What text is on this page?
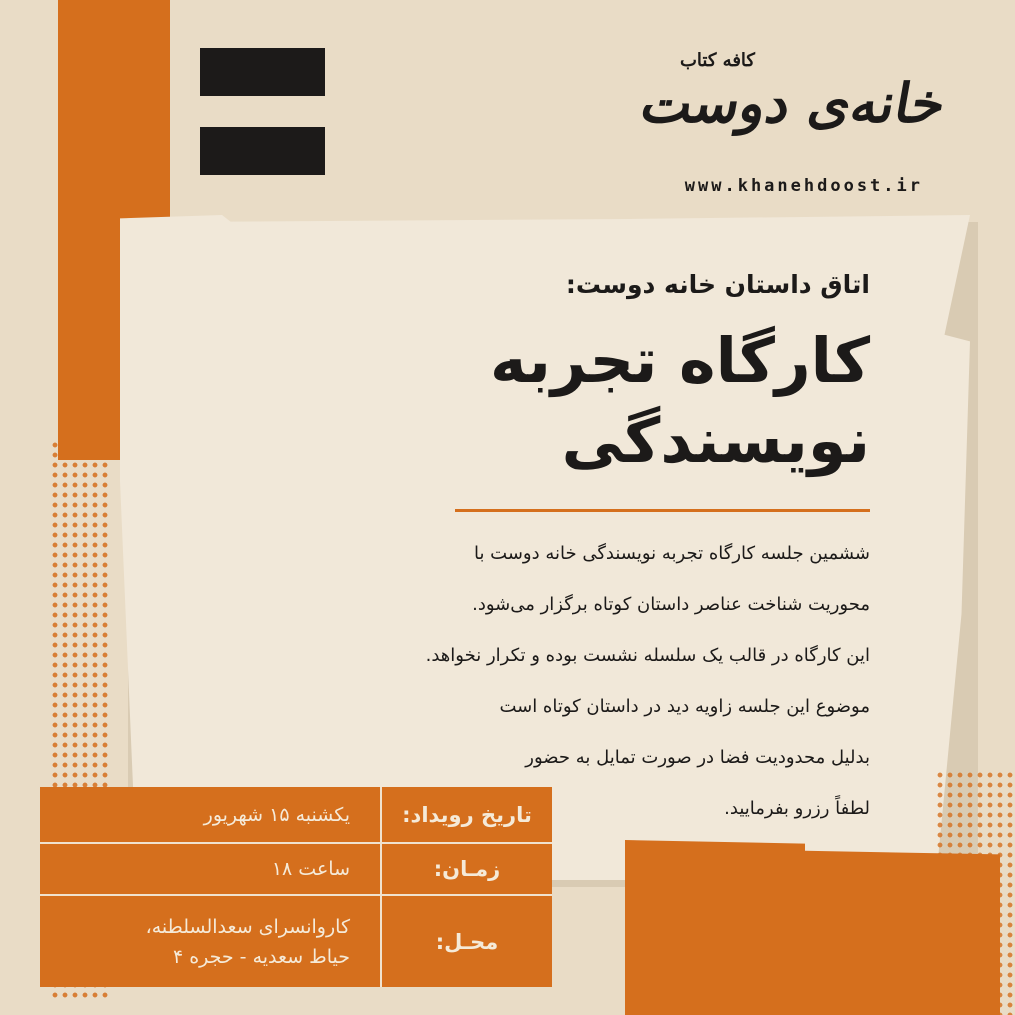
کافه کتاب
خانه‌ی دوست
www.khanehdoost.ir

اتاق داستان خانه دوست:

کارگاه تجربه نویسندگی
ششمین جلسه کارگاه تجربه نویسندگی خانه دوست با
محوریت شناخت عناصر داستان کوتاه برگزار می‌شود.
این کارگاه در قالب یک سلسله نشست بوده و تکرار نخواهد.
موضوع این جلسه زاویه دید در داستان کوتاه است
بدلیل محدودیت فضا در صورت تمایل به حضور
لطفاً رزرو بفرمایید.
تاریخ رویداد:
یکشنبه ۱۵ شهریور
زمـان:
ساعت ۱۸
محـل:
کاروانسرای سعدالسلطنه،
حیاط سعدیه - حجره ۴
